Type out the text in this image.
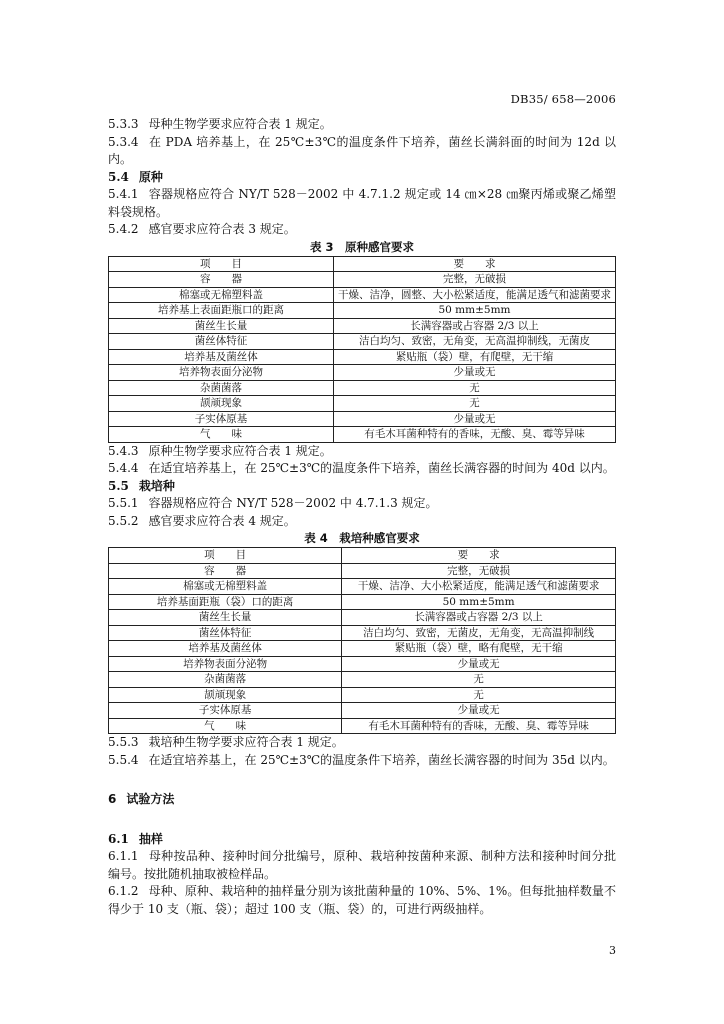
DB35/ 658—2006

5.3.3 母种生物学要求应符合表 1 规定。

5.3.4 在 PDA 培养基上，在 25℃±3℃的温度条件下培养，菌丝长满斜面的时间为 12d 以内。

5.4 原种

5.4.1 容器规格应符合 NY/T 528－2002 中 4.7.1.2 规定或 14 ㎝×28 ㎝聚丙烯或聚乙烯塑料袋规格。

5.4.2 感官要求应符合表 3 规定。

表 3　原种感官要求

项　　目	要　　求
容　　器	完整，无破损
棉塞或无棉塑料盖	干燥、洁净，圆整、大小松紧适度，能满足透气和滤菌要求
培养基上表面距瓶口的距离	50 mm±5mm
菌丝生长量	长满容器或占容器 2/3 以上
菌丝体特征	洁白均匀、致密，无角变，无高温抑制线，无菌皮
培养基及菌丝体	紧贴瓶（袋）壁，有爬壁，无干缩
培养物表面分泌物	少量或无
杂菌菌落	无
颉颃现象	无
子实体原基	少量或无
气　　味	有毛木耳菌种特有的香味，无酸、臭、霉等异味

5.4.3 原种生物学要求应符合表 1 规定。

5.4.4 在适宜培养基上，在 25℃±3℃的温度条件下培养，菌丝长满容器的时间为 40d 以内。

5.5 栽培种

5.5.1 容器规格应符合 NY/T 528－2002 中 4.7.1.3 规定。

5.5.2 感官要求应符合表 4 规定。

表 4　栽培种感官要求

项　　目	要　　求
容　　器	完整，无破损
棉塞或无棉塑料盖	干燥、洁净、大小松紧适度，能满足透气和滤菌要求
培养基面距瓶（袋）口的距离	50 mm±5mm
菌丝生长量	长满容器或占容器 2/3 以上
菌丝体特征	洁白均匀、致密，无菌皮，无角变，无高温抑制线
培养基及菌丝体	紧贴瓶（袋）壁，略有爬壁，无干缩
培养物表面分泌物	少量或无
杂菌菌落	无
颉颃现象	无
子实体原基	少量或无
气　　味	有毛木耳菌种特有的香味，无酸、臭、霉等异味

5.5.3 栽培种生物学要求应符合表 1 规定。

5.5.4 在适宜培养基上，在 25℃±3℃的温度条件下培养，菌丝长满容器的时间为 35d 以内。

6 试验方法

6.1 抽样

6.1.1 母种按品种、接种时间分批编号，原种、栽培种按菌种来源、制种方法和接种时间分批编号。按批随机抽取被检样品。

6.1.2 母种、原种、栽培种的抽样量分别为该批菌种量的 10%、5%、1%。但每批抽样数量不得少于 10 支（瓶、袋）；超过 100 支（瓶、袋）的，可进行两级抽样。

3
